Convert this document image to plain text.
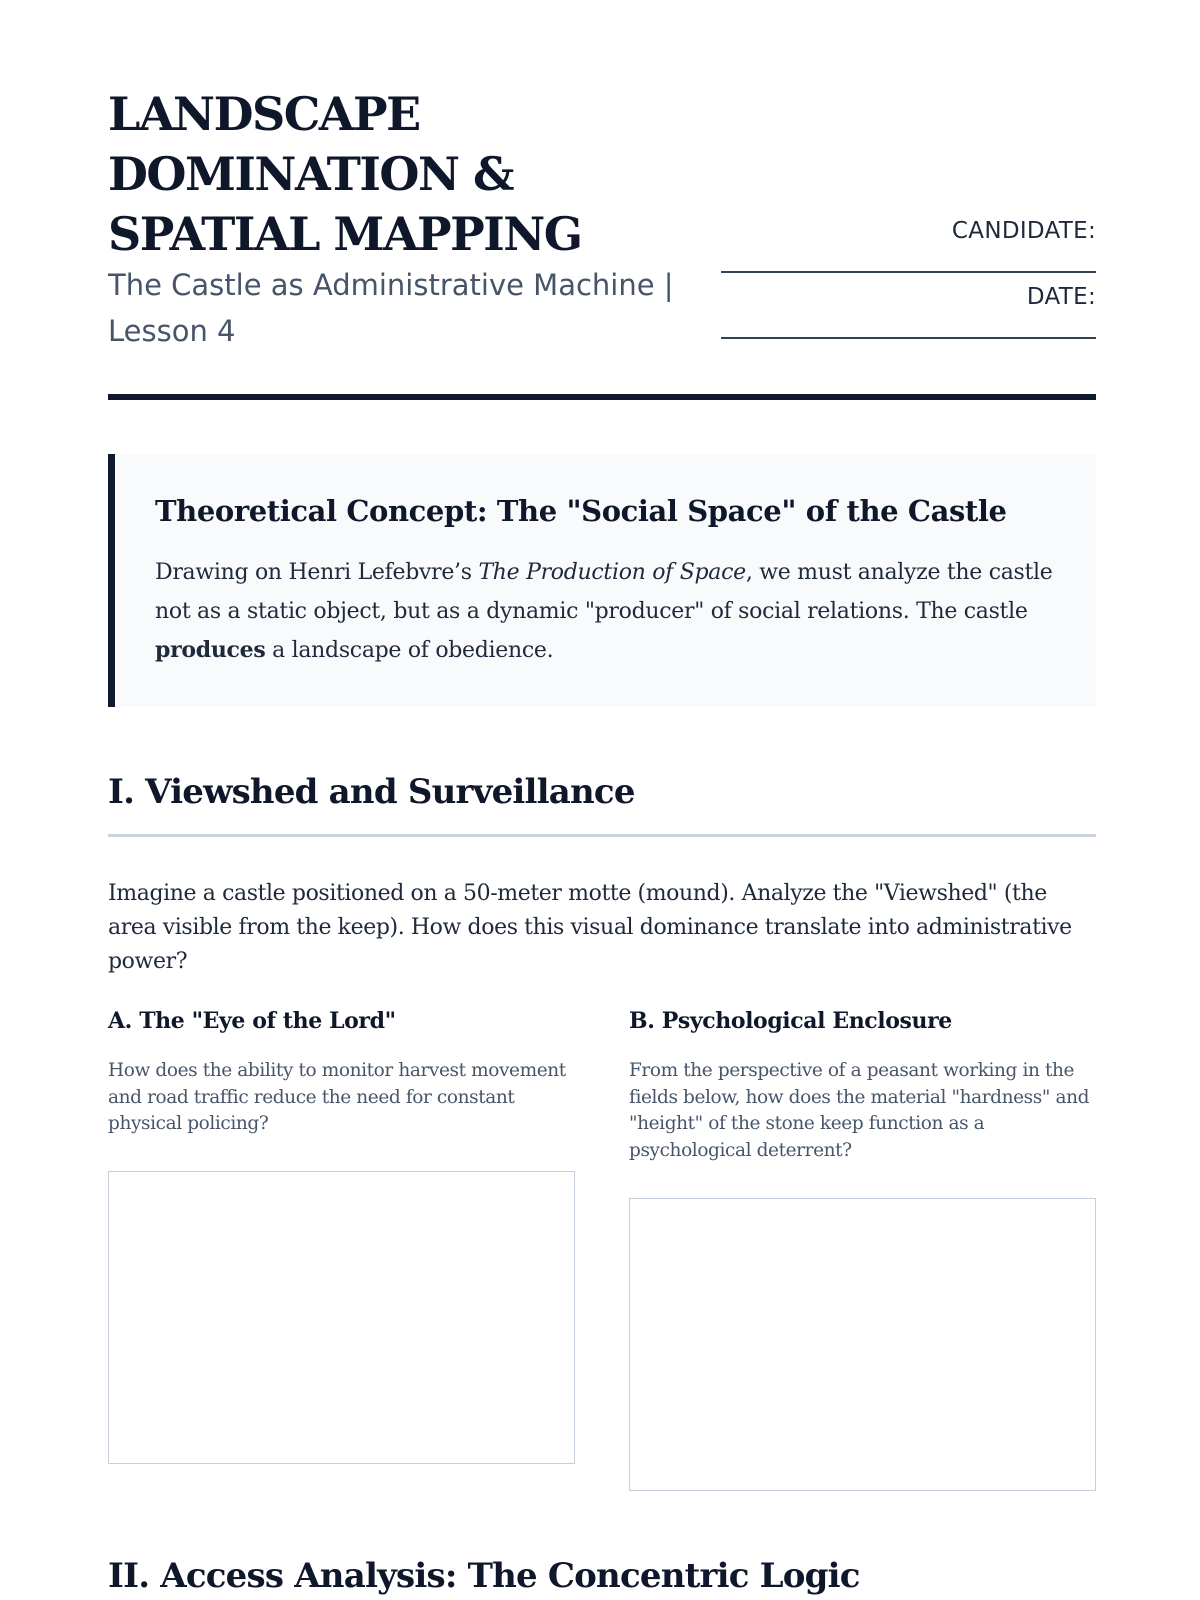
LANDSCAPE DOMINATION & SPATIAL MAPPING

The Castle as Administrative Machine | Lesson 4

CANDIDATE:
DATE:
Theoretical Concept: The "Social Space" of the Castle

Drawing on Henri Lefebvre’s The Production of Space, we must analyze the castle not as a static object, but as a dynamic "producer" of social relations. The castle produces a landscape of obedience.

I. Viewshed and Surveillance

Imagine a castle positioned on a 50-meter motte (mound). Analyze the "Viewshed" (the area visible from the keep). How does this visual dominance translate into administrative power?

A. The "Eye of the Lord"

How does the ability to monitor harvest movement and road traffic reduce the need for constant physical policing?

B. Psychological Enclosure

From the perspective of a peasant working in the fields below, how does the material "hardness" and "height" of the stone keep function as a psychological deterrent?

II. Access Analysis: The Concentric Logic
